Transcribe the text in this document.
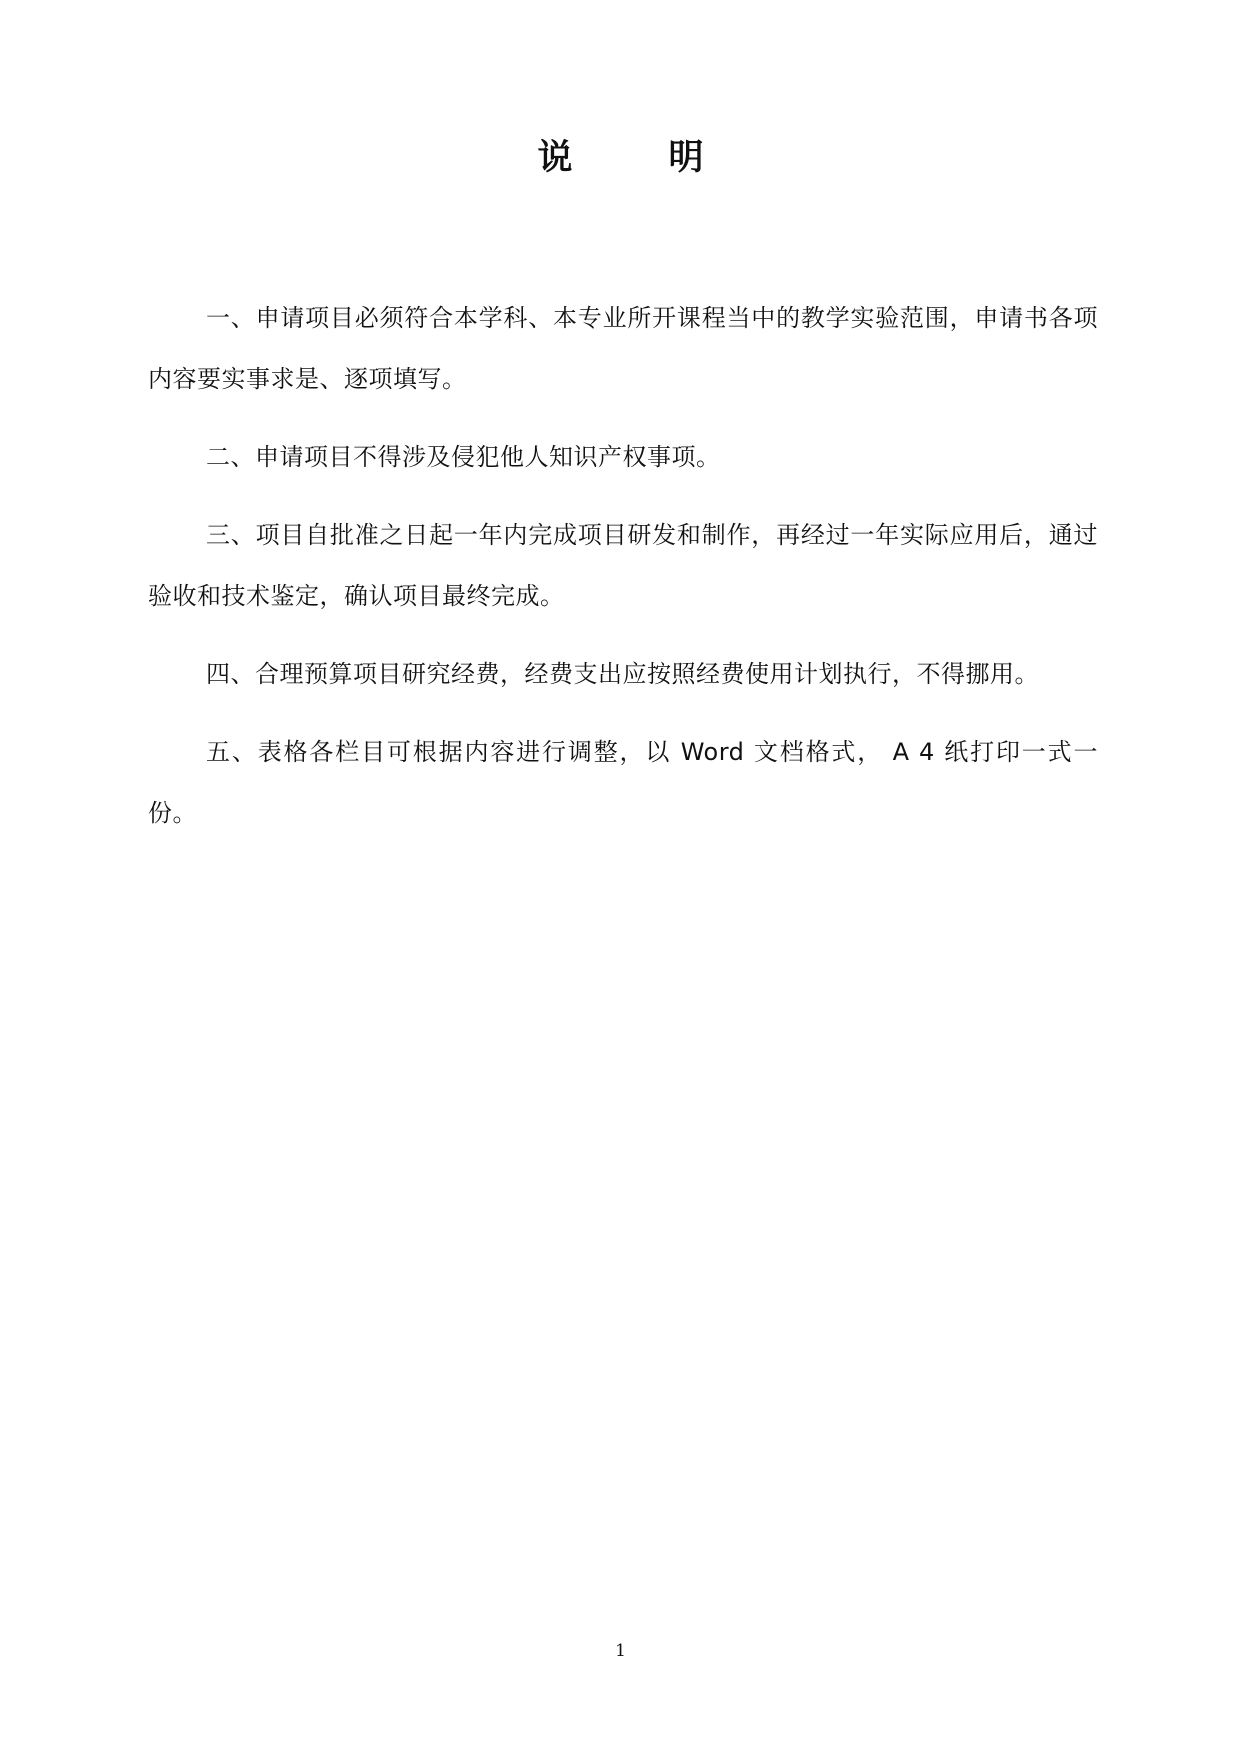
说	明

一、申请项目必须符合本学科、本专业所开课程当中的教学实验范围，申请书各项内容要实事求是、逐项填写。

二、申请项目不得涉及侵犯他人知识产权事项。

三、项目自批准之日起一年内完成项目研发和制作，再经过一年实际应用后，通过验收和技术鉴定，确认项目最终完成。

四、合理预算项目研究经费，经费支出应按照经费使用计划执行，不得挪用。

五、表格各栏目可根据内容进行调整，以 Word 文档格式， A 4 纸打印一式一份。

1
